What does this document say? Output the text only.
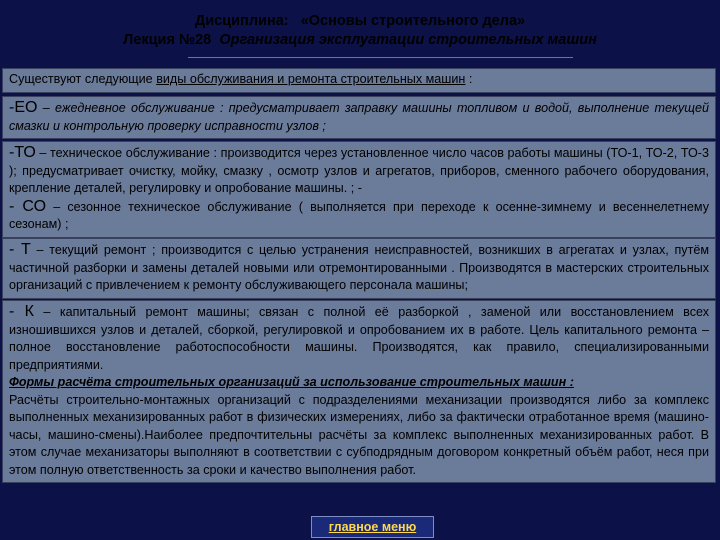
Дисциплина: «Основы строительного дела»
Лекция №28 Организация эксплуатации строительных машин
Существуют следующие виды обслуживания и ремонта строительных машин :
-ЕО – ежедневное обслуживание : предусматривает заправку машины топливом и водой, выполнение текущей смазки и контрольную проверку исправности узлов ;
-ТО – техническое обслуживание : производится через установленное число часов работы машины (ТО-1, ТО-2, ТО-3 ); предусматривает очистку, мойку, смазку , осмотр узлов и агрегатов, приборов, сменного рабочего оборудования, крепление деталей, регулировку и опробование машины. ; -
- СО – сезонное техническое обслуживание ( выполняется при переходе к осенне-зимнему и весеннелетнему сезонам) ;
- Т – текущий ремонт ; производится с целью устранения неисправностей, возникших в агрегатах и узлах, путём частичной разборки и замены деталей новыми или отремонтированными . Производятся в мастерских строительных организаций с привлечением к ремонту обслуживающего персонала машины;
- К – капитальный ремонт машины; связан с полной её разборкой , заменой или восстановлением всех изношившихся узлов и деталей, сборкой, регулировкой и опробованием их в работе. Цель капитального ремонта – полное восстановление работоспособности машины. Производятся, как правило, специализированными предприятиями.
Формы расчёта строительных организаций за использование строительных машин :
Расчёты строительно-монтажных организаций с подразделениями механизации производятся либо за комплекс выполненных механизированных работ в физических измерениях, либо за фактически отработанное время (машино-часы, машино-смены).Наиболее предпочтительны расчёты за комплекс выполненных механизированных работ. В этом случае механизаторы выполняют в соответствии с субподрядным договором конкретный объём работ, неся при этом полную ответственность за сроки и качество выполнения работ.
главное меню
